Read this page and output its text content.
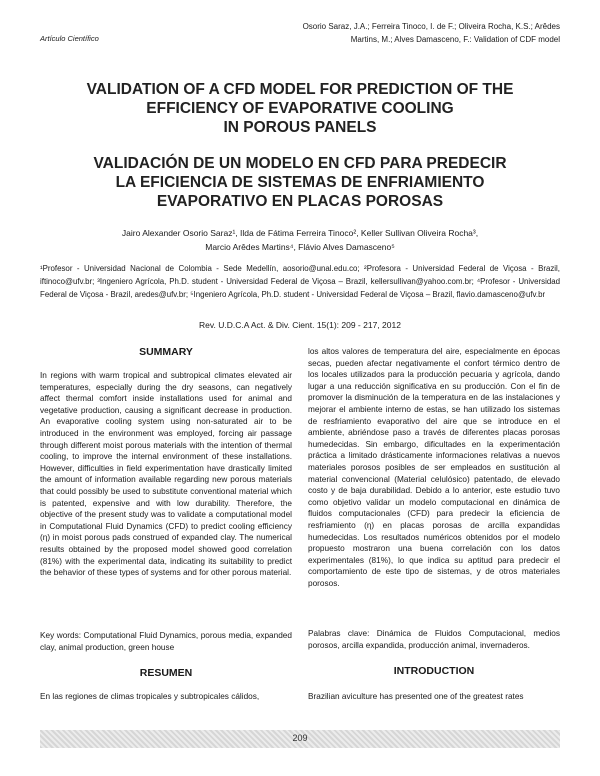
Artículo Científico
Osorio Saraz, J.A.; Ferreira Tinoco, I. de F.; Oliveira Rocha, K.S.; Arêdes
Martins, M.; Alves Damasceno, F.: Validation of CDF model
VALIDATION OF A CFD MODEL FOR PREDICTION OF THE
EFFICIENCY OF EVAPORATIVE COOLING
IN POROUS PANELS
VALIDACIÓN DE UN MODELO EN CFD PARA PREDECIR
LA EFICIENCIA DE SISTEMAS DE ENFRIAMIENTO
EVAPORATIVO EN PLACAS POROSAS
Jairo Alexander Osorio Saraz¹, Ilda de Fátima Ferreira Tinoco², Keller Sullivan Oliveira Rocha³,
Marcio Arêdes Martins⁴, Flávio Alves Damasceno⁵
¹Profesor - Universidad Nacional de Colombia - Sede Medellín, aosorio@unal.edu.co; ²Profesora - Universidad Federal de Viçosa - Brazil, iftinoco@ufv.br; ³Ingeniero Agrícola, Ph.D. student - Universidad Federal de Viçosa – Brazil, kellersullivan@yahoo.com.br; ⁴Profesor - Universidad Federal de Viçosa - Brazil, aredes@ufv.br; ⁵Ingeniero Agrícola, Ph.D. student - Universidad Federal de Viçosa – Brazil, flavio.damasceno@ufv.br
Rev. U.D.C.A Act. & Div. Cient. 15(1): 209 - 217, 2012
SUMMARY
In regions with warm tropical and subtropical climates elevated air temperatures, especially during the dry seasons, can negatively affect thermal comfort inside installations used for animal and vegetative production, causing a significant decrease in production. An evaporative cooling system using non-saturated air to be introduced in the environment was employed, forcing air passage through different moist porous materials with the intention of thermal cooling, to improve the internal environment of these installations. However, difficulties in field experimentation have drastically limited the amount of information available regarding new porous materials that could possibly be used to substitute conventional material which is patented, expensive and with low durability. Therefore, the objective of the present study was to validate a computational model in Computational Fluid Dynamics (CFD) to predict cooling efficiency (η) in moist porous pads construed of expanded clay. The numerical results obtained by the proposed model showed good correlation (81%) with the experimental data, indicating its suitability to predict the behavior of these types of systems and for other porous material.
Key words: Computational Fluid Dynamics, porous media, expanded clay, animal production, green house
RESUMEN
En las regiones de climas tropicales y subtropicales cálidos,
los altos valores de temperatura del aire, especialmente en épocas secas, pueden afectar negativamente el confort térmico dentro de los locales utilizados para la producción pecuaria y agrícola, dando lugar a una reducción significativa en su producción. Con el fin de promover la disminución de la temperatura en de las instalaciones y mejorar el ambiente interno de estas, se han utilizado los sistemas de resfriamiento evaporativo del aire que se introduce en el ambiente, abriéndose paso a través de diferentes placas porosas humedecidas. Sin embargo, dificultades en la experimentación práctica a limitado drásticamente informaciones relativas a nuevos materiales porosos posibles de ser empleados en sustitución al material convencional (Material celulósico) patentado, de elevado costo y de baja durabilidad. Debido a lo anterior, este estudio tuvo como objetivo validar un modelo computacional en dinámica de fluidos computacionales (CFD) para predecir la eficiencia de resfriamiento (η) en placas porosas de arcilla expandidas humedecidas. Los resultados numéricos obtenidos por el modelo propuesto mostraron una buena correlación con los datos experimentales (81%), lo que indica su aptitud para predecir el comportamiento de este tipo de sistemas, y de otros materiales porosos.
Palabras clave: Dinámica de Fluidos Computacional, medios porosos, arcilla expandida, producción animal, invernaderos.
INTRODUCTION
Brazilian aviculture has presented one of the greatest rates
209
